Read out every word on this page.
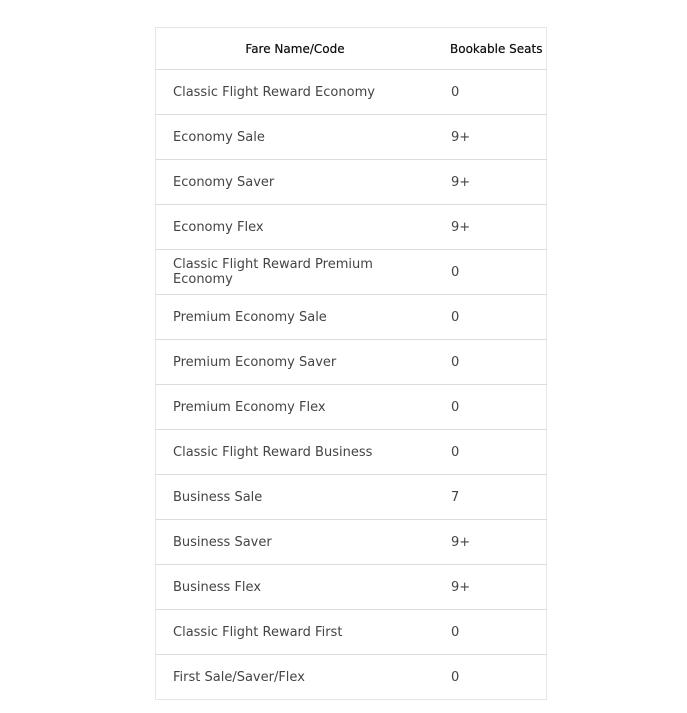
Fare Name/Code	Bookable Seats
Classic Flight Reward Economy	0
Economy Sale	9+
Economy Saver	9+
Economy Flex	9+
Classic Flight Reward Premium Economy	0
Premium Economy Sale	0
Premium Economy Saver	0
Premium Economy Flex	0
Classic Flight Reward Business	0
Business Sale	7
Business Saver	9+
Business Flex	9+
Classic Flight Reward First	0
First Sale/Saver/Flex	0
